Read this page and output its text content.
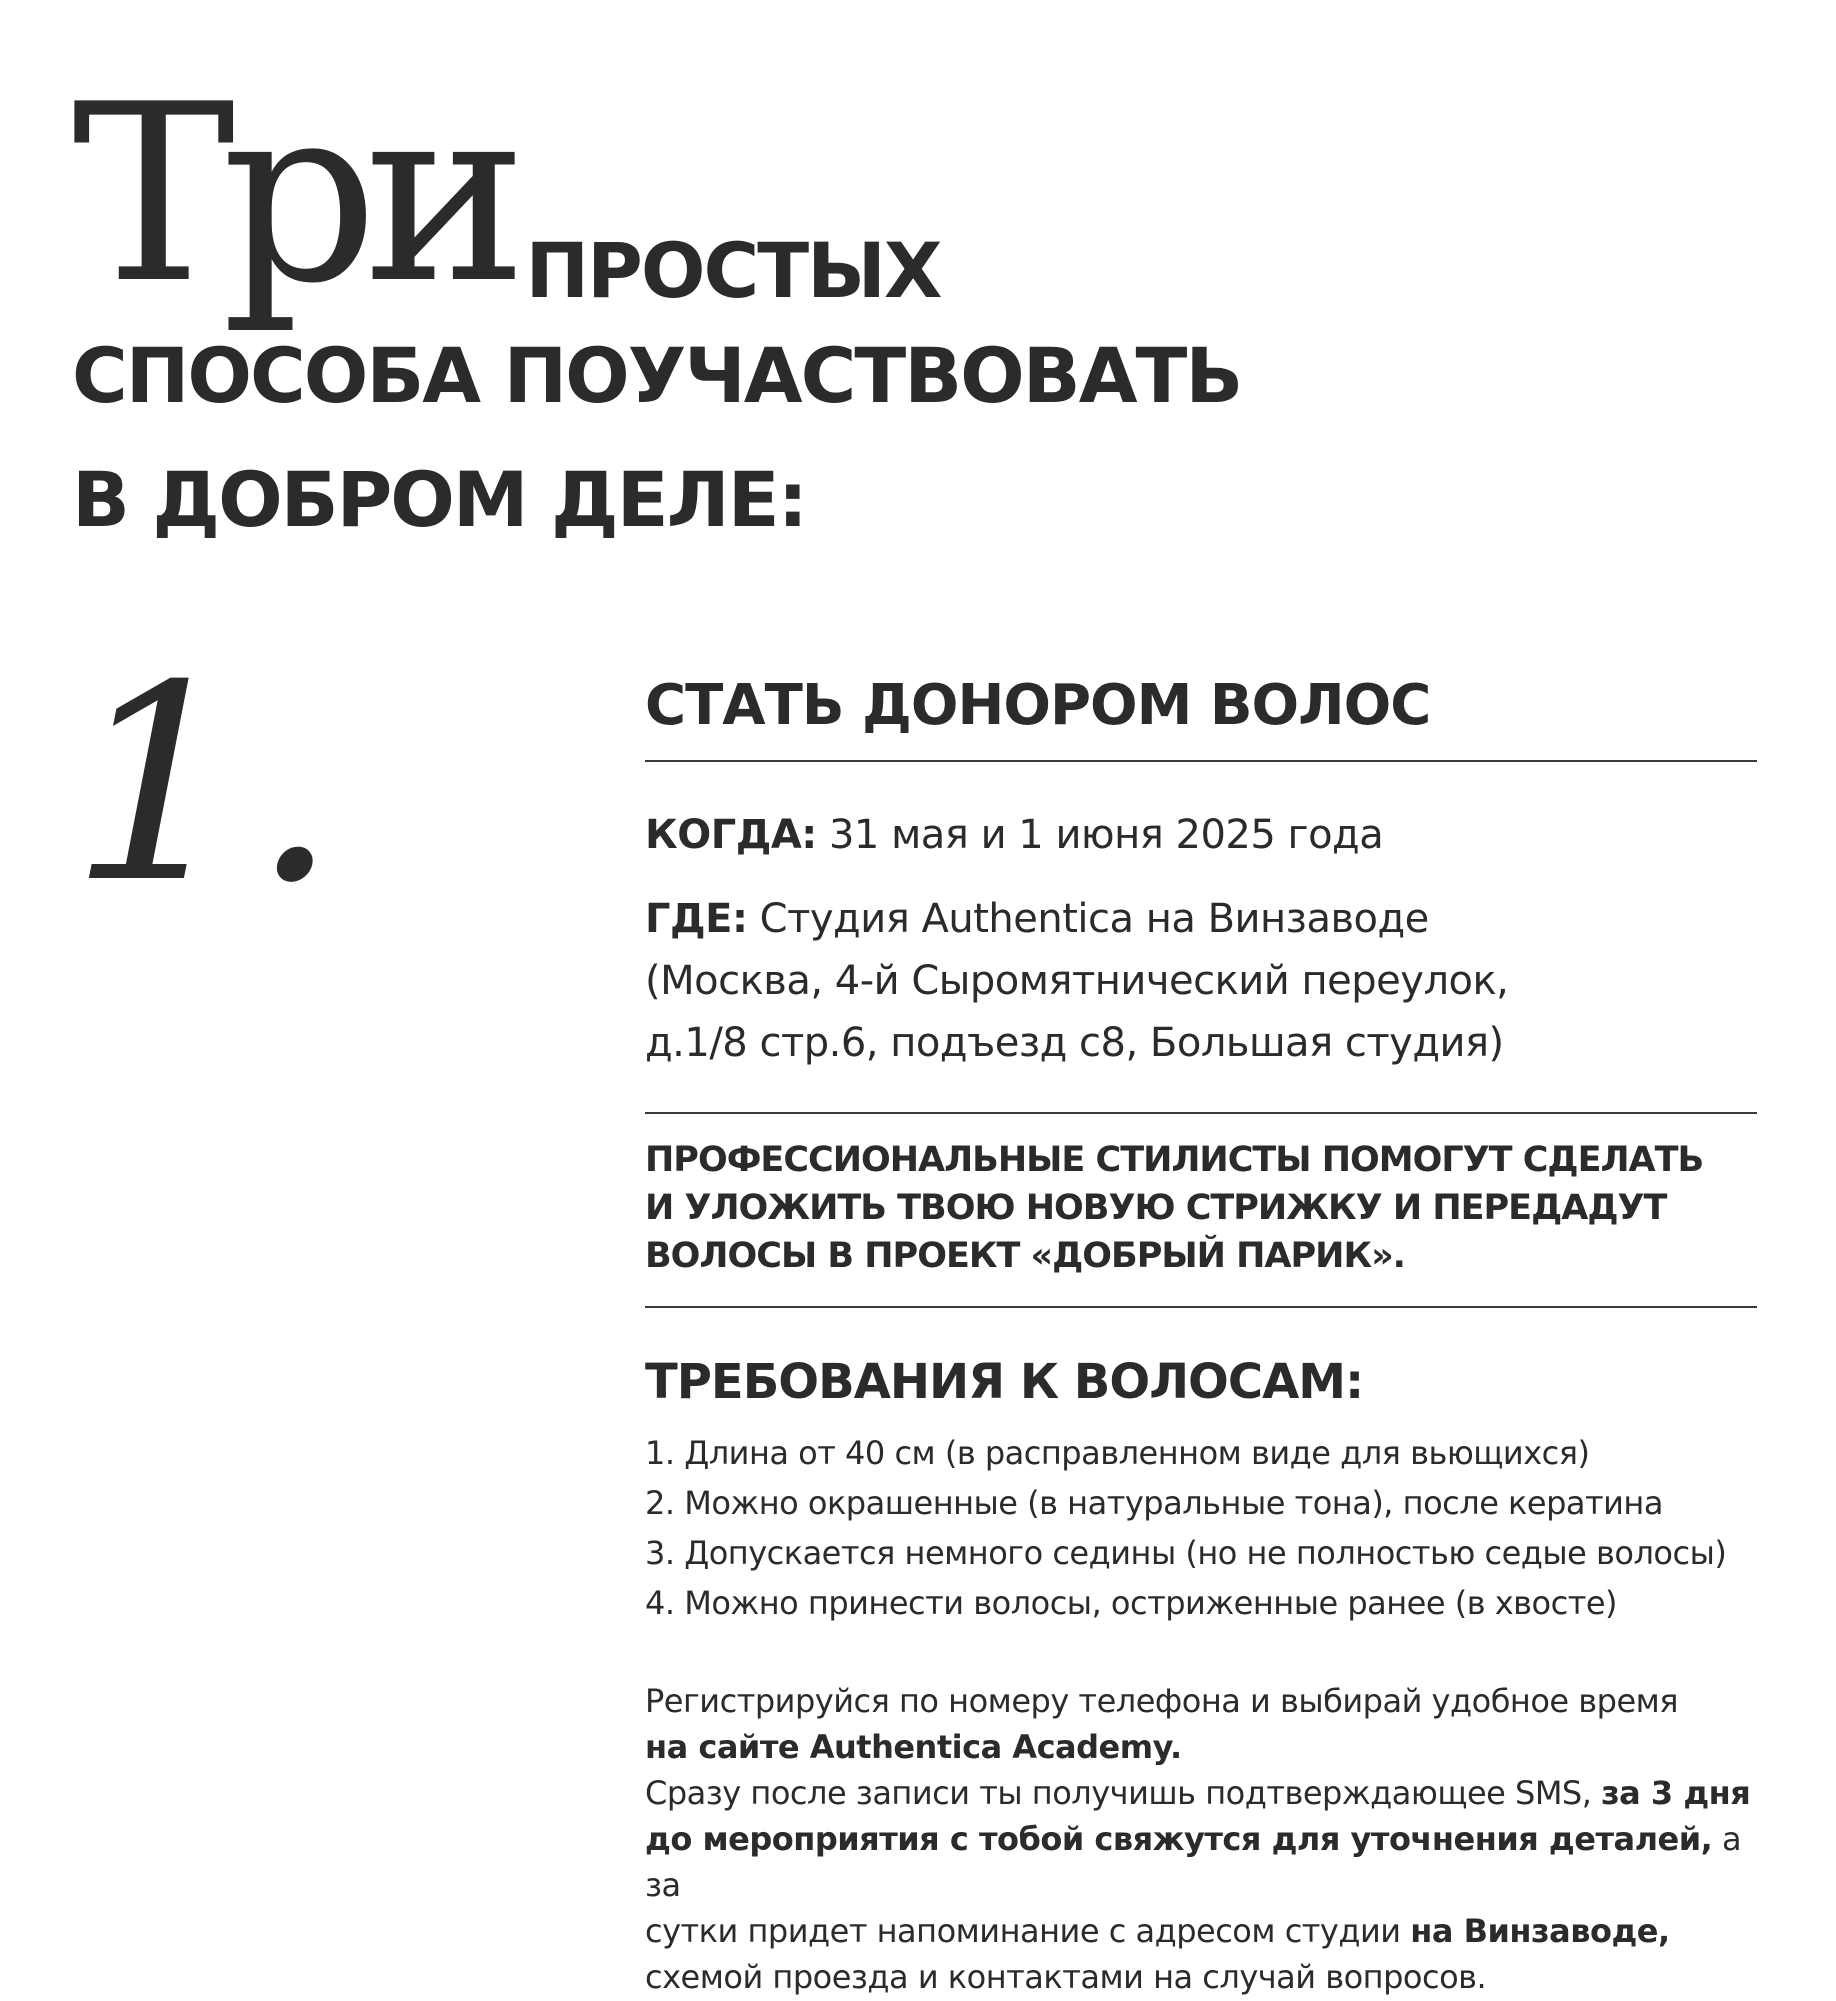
Три ПРОСТЫХ
СПОСОБА ПОУЧАСТВОВАТЬ
В ДОБРОМ ДЕЛЕ:
1.	СТАТЬ ДОНОРОМ ВОЛОС
КОГДА: 31 мая и 1 июня 2025 года
ГДЕ: Студия Authentica на Винзаводе
(Москва, 4-й Сыромятнический переулок,
д.1/8 стр.6, подъезд с8, Большая студия)
ПРОФЕССИОНАЛЬНЫЕ СТИЛИСТЫ ПОМОГУТ СДЕЛАТЬ
И УЛОЖИТЬ ТВОЮ НОВУЮ СТРИЖКУ И ПЕРЕДАДУТ
ВОЛОСЫ В ПРОЕКТ «ДОБРЫЙ ПАРИК».
ТРЕБОВАНИЯ К ВОЛОСАМ:
1. Длина от 40 см (в расправленном виде для вьющихся)
2. Можно окрашенные (в натуральные тона), после кератина
3. Допускается немного седины (но не полностью седые волосы)
4. Можно принести волосы, остриженные ранее (в хвосте)

Регистрируйся по номеру телефона и выбирай удобное время
на сайте Authentica Academy.

Сразу после записи ты получишь подтверждающее SMS, за 3 дня
до мероприятия с тобой свяжутся для уточнения деталей, а за
сутки придет напоминание с адресом студии на Винзаводе,
схемой проезда и контактами на случай вопросов.
